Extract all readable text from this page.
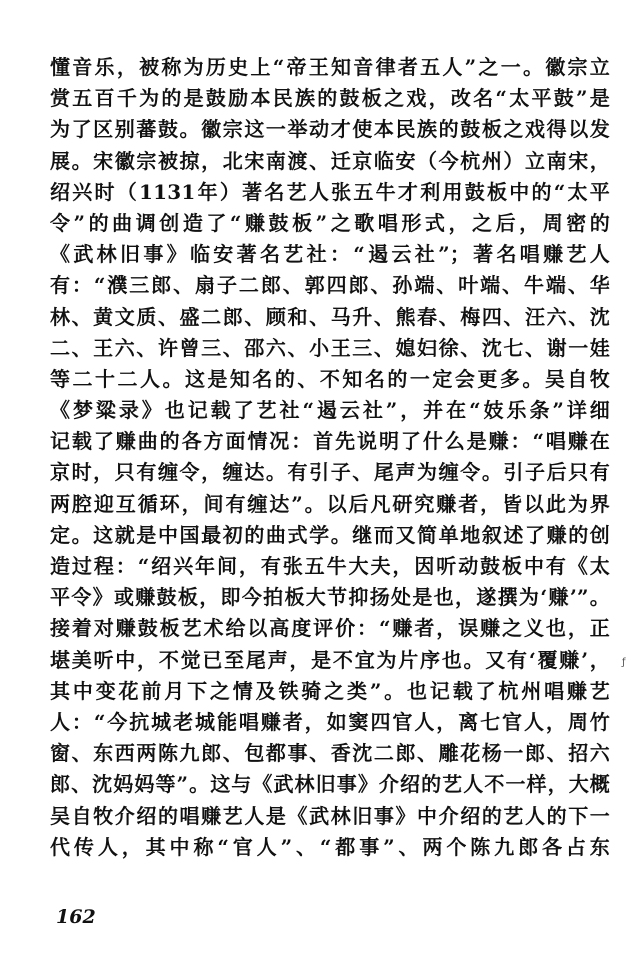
懂音乐，被称为历史上“帝王知音律者五人”之一。徽宗立
赏五百千为的是鼓励本民族的鼓板之戏，改名“太平鼓”是
为了区别蕃鼓。徽宗这一举动才使本民族的鼓板之戏得以发
展。宋徽宗被掠，北宋南渡、迁京临安（今杭州）立南宋，
绍兴时（1131年）著名艺人张五牛才利用鼓板中的“太平
令”的曲调创造了“赚鼓板”之歌唱形式，之后，周密的
《武林旧事》临安著名艺社：“遏云社”；著名唱赚艺人
有：“濮三郎、扇子二郎、郭四郎、孙端、叶端、牛端、华
林、黄文质、盛二郎、顾和、马升、熊春、梅四、汪六、沈
二、王六、许曾三、邵六、小王三、媳妇徐、沈七、谢一娃
等二十二人。这是知名的、不知名的一定会更多。吴自牧
《梦粱录》也记载了艺社“遏云社”，并在“妓乐条”详细
记载了赚曲的各方面情况：首先说明了什么是赚：“唱赚在
京时，只有缠令，缠达。有引子、尾声为缠令。引子后只有
两腔迎互循环，间有缠达”。以后凡研究赚者，皆以此为界
定。这就是中国最初的曲式学。继而又简单地叙述了赚的创
造过程：“绍兴年间，有张五牛大夫，因听动鼓板中有《太
平令》或赚鼓板，即今拍板大节抑扬处是也，遂撰为‘赚’”。
接着对赚鼓板艺术给以高度评价：“赚者，误赚之义也，正
堪美听中，不觉已至尾声，是不宜为片序也。又有‘覆赚’，
其中变花前月下之情及铁骑之类”。也记载了杭州唱赚艺
人：“今抗城老城能唱赚者，如窦四官人，离七官人，周竹
窗、东西两陈九郎、包都事、香沈二郎、雕花杨一郎、招六
郎、沈妈妈等”。这与《武林旧事》介绍的艺人不一样，大概
吴自牧介绍的唱赚艺人是《武林旧事》中介绍的艺人的下一
代传人，其中称“官人”、“都事”、两个陈九郎各占东
ƒ
162
